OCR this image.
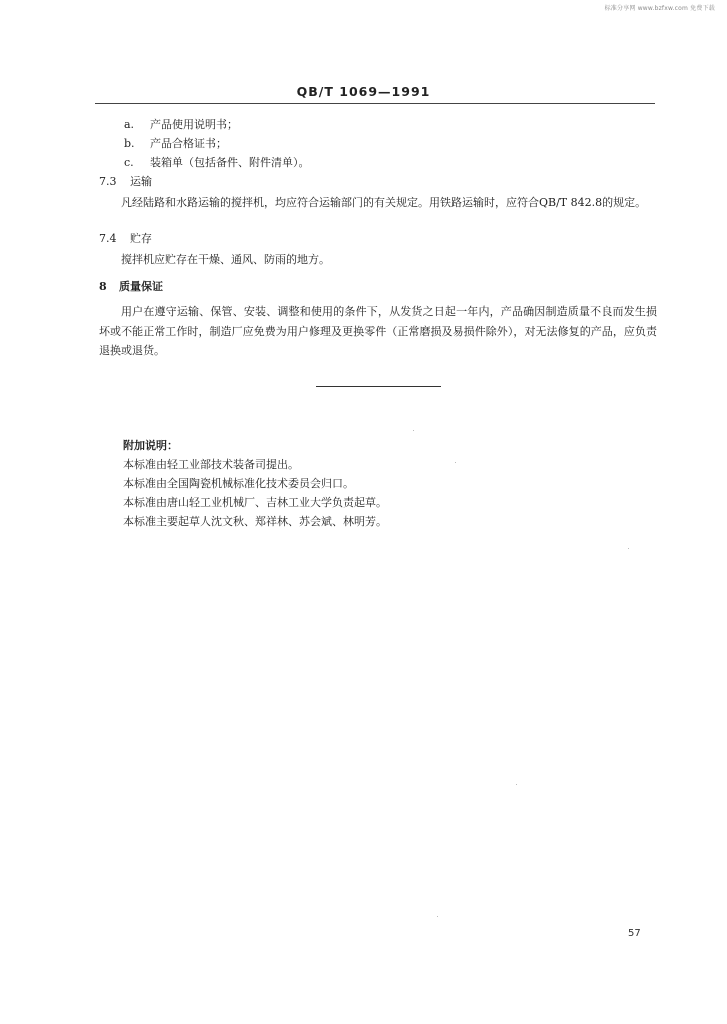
标准分享网 www.bzfxw.com 免费下载
QB/T 1069—1991
a. 产品使用说明书；
b. 产品合格证书；
c. 装箱单（包括备件、附件清单）。
7.3 运输
凡经陆路和水路运输的搅拌机，均应符合运输部门的有关规定。用铁路运输时，应符合QB/T 842.8的规定。
7.4 贮存
搅拌机应贮存在干燥、通风、防雨的地方。
8 质量保证
用户在遵守运输、保管、安装、调整和使用的条件下，从发货之日起一年内，产品确因制造质量不良而发生损坏或不能正常工作时，制造厂应免费为用户修理及更换零件（正常磨损及易损件除外），对无法修复的产品，应负责退换或退货。
附加说明：
本标准由轻工业部技术装备司提出。
本标准由全国陶瓷机械标准化技术委员会归口。
本标准由唐山轻工业机械厂、吉林工业大学负责起草。
本标准主要起草人沈文秋、郑祥林、苏会斌、林明芳。
57
